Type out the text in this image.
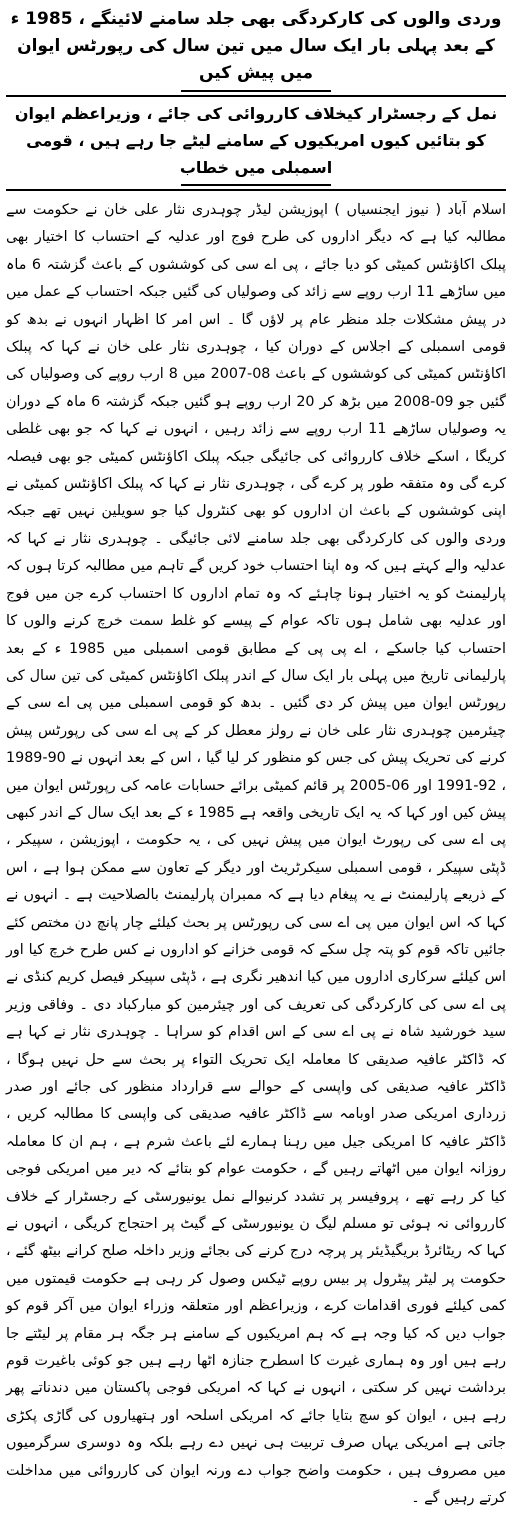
وردی والوں کی کارکردگی بھی جلد سامنے لائینگے ، 1985 ء کے بعد پہلی بار ایک سال میں تین سال کی رپورٹس ایوان میں پیش کیں
نمل کے رجسٹرار کیخلاف کارروائی کی جائے ، وزیراعظم ایوان کو بتائیں کیوں امریکیوں کے سامنے لیٹے جا رہے ہیں ، قومی اسمبلی میں خطاب

اسلام آباد ( نیوز ایجنسیاں ) اپوزیشن لیڈر چوہدری نثار علی خان نے حکومت سے مطالبہ کیا ہے کہ دیگر اداروں کی طرح فوج اور عدلیہ کے احتساب کا اختیار بھی پبلک اکاؤنٹس کمیٹی کو دیا جائے ، پی اے سی کی کوششوں کے باعث گزشتہ 6 ماہ میں ساڑھے 11 ارب روپے سے زائد کی وصولیاں کی گئیں جبکہ احتساب کے عمل میں در پیش مشکلات جلد منظر عام پر لاؤں گا ۔ اس امر کا اظہار انہوں نے بدھ کو قومی اسمبلی کے اجلاس کے دوران کیا ، چوہدری نثار علی خان نے کہا کہ پبلک اکاؤنٹس کمیٹی کی کوششوں کے باعث 08-2007 میں 8 ارب روپے کی وصولیاں کی گئیں جو 09-2008 میں بڑھ کر 20 ارب روپے ہو گئیں جبکہ گزشتہ 6 ماہ کے دوران یہ وصولیاں ساڑھے 11 ارب روپے سے زائد رہیں ، انہوں نے کہا کہ جو بھی غلطی کریگا ، اسکے خلاف کارروائی کی جائیگی جبکہ پبلک اکاؤنٹس کمیٹی جو بھی فیصلہ کرے گی وہ متفقہ طور پر کرے گی ، چوہدری نثار نے کہا کہ پبلک اکاؤنٹس کمیٹی نے اپنی کوششوں کے باعث ان اداروں کو بھی کنٹرول کیا جو سویلین نہیں تھے جبکہ وردی والوں کی کارکردگی بھی جلد سامنے لائی جائیگی ۔ چوہدری نثار نے کہا کہ عدلیہ والے کہتے ہیں کہ وہ اپنا احتساب خود کریں گے تاہم میں مطالبہ کرتا ہوں کہ پارلیمنٹ کو یہ اختیار ہونا چاہئے کہ وہ تمام اداروں کا احتساب کرے جن میں فوج اور عدلیہ بھی شامل ہوں تاکہ عوام کے پیسے کو غلط سمت خرچ کرنے والوں کا احتساب کیا جاسکے ، اے پی پی کے مطابق قومی اسمبلی میں 1985 ء کے بعد پارلیمانی تاریخ میں پہلی بار ایک سال کے اندر پبلک اکاؤنٹس کمیٹی کی تین سال کی رپورٹس ایوان میں پیش کر دی گئیں ۔ بدھ کو قومی اسمبلی میں پی اے سی کے چیئرمین چوہدری نثار علی خان نے رولز معطل کر کے پی اے سی کی رپورٹس پیش کرنے کی تحریک پیش کی جس کو منظور کر لیا گیا ، اس کے بعد انہوں نے 90-1989 ، 92-1991 اور 06-2005 پر قائم کمیٹی برائے حسابات عامہ کی رپورٹس ایوان میں پیش کیں اور کہا کہ یہ ایک تاریخی واقعہ ہے 1985 ء کے بعد ایک سال کے اندر کبھی پی اے سی کی رپورٹ ایوان میں پیش نہیں کی ، یہ حکومت ، اپوزیشن ، سپیکر ، ڈپٹی سپیکر ، قومی اسمبلی سیکرٹریٹ اور دیگر کے تعاون سے ممکن ہوا ہے ، اس کے ذریعے پارلیمنٹ نے یہ پیغام دیا ہے کہ ممبران پارلیمنٹ بالصلاحیت ہے ۔ انہوں نے کہا کہ اس ایوان میں پی اے سی کی رپورٹس پر بحث کیلئے چار پانچ دن مختص کئے جائیں تاکہ قوم کو پتہ چل سکے کہ قومی خزانے کو اداروں نے کس طرح خرچ کیا اور اس کیلئے سرکاری اداروں میں کیا اندھیر نگری ہے ، ڈپٹی سپیکر فیصل کریم کنڈی نے پی اے سی کی کارکردگی کی تعریف کی اور چیئرمین کو مبارکباد دی ۔ وفاقی وزیر سید خورشید شاہ نے پی اے سی کے اس اقدام کو سراہا ۔ چوہدری نثار نے کہا ہے کہ ڈاکٹر عافیہ صدیقی کا معاملہ ایک تحریک التواء پر بحث سے حل نہیں ہوگا ، ڈاکٹر عافیہ صدیقی کی واپسی کے حوالے سے قرارداد منظور کی جائے اور صدر زرداری امریکی صدر اوبامہ سے ڈاکٹر عافیہ صدیقی کی واپسی کا مطالبہ کریں ، ڈاکٹر عافیہ کا امریکی جیل میں رہنا ہمارے لئے باعث شرم ہے ، ہم ان کا معاملہ روزانہ ایوان میں اٹھاتے رہیں گے ، حکومت عوام کو بتائے کہ دیر میں امریکی فوجی کیا کر رہے تھے ، پروفیسر پر تشدد کرنیوالے نمل یونیورسٹی کے رجسٹرار کے خلاف کارروائی نہ ہوئی تو مسلم لیگ ن یونیورسٹی کے گیٹ پر احتجاج کریگی ، انہوں نے کہا کہ ریٹائرڈ بریگیڈیئر پر پرچہ درج کرنے کی بجائے وزیر داخلہ صلح کرانے بیٹھ گئے ، حکومت پر لیٹر پیٹرول پر بیس روپے ٹیکس وصول کر رہی ہے حکومت قیمتوں میں کمی کیلئے فوری اقدامات کرے ، وزیراعظم اور متعلقہ وزراء ایوان میں آکر قوم کو جواب دیں کہ کیا وجہ ہے کہ ہم امریکیوں کے سامنے ہر جگہ ہر مقام پر لیٹتے جا رہے ہیں اور وہ ہماری غیرت کا اسطرح جنازہ اٹھا رہے ہیں جو کوئی باغیرت قوم برداشت نہیں کر سکتی ، انہوں نے کہا کہ امریکی فوجی پاکستان میں دندناتے پھر رہے ہیں ، ایوان کو سچ بتایا جائے کہ امریکی اسلحہ اور ہتھیاروں کی گاڑی پکڑی جاتی ہے امریکی یہاں صرف تربیت ہی نہیں دے رہے بلکہ وہ دوسری سرگرمیوں میں مصروف ہیں ، حکومت واضح جواب دے ورنہ ایوان کی کارروائی میں مداخلت کرتے رہیں گے ۔
